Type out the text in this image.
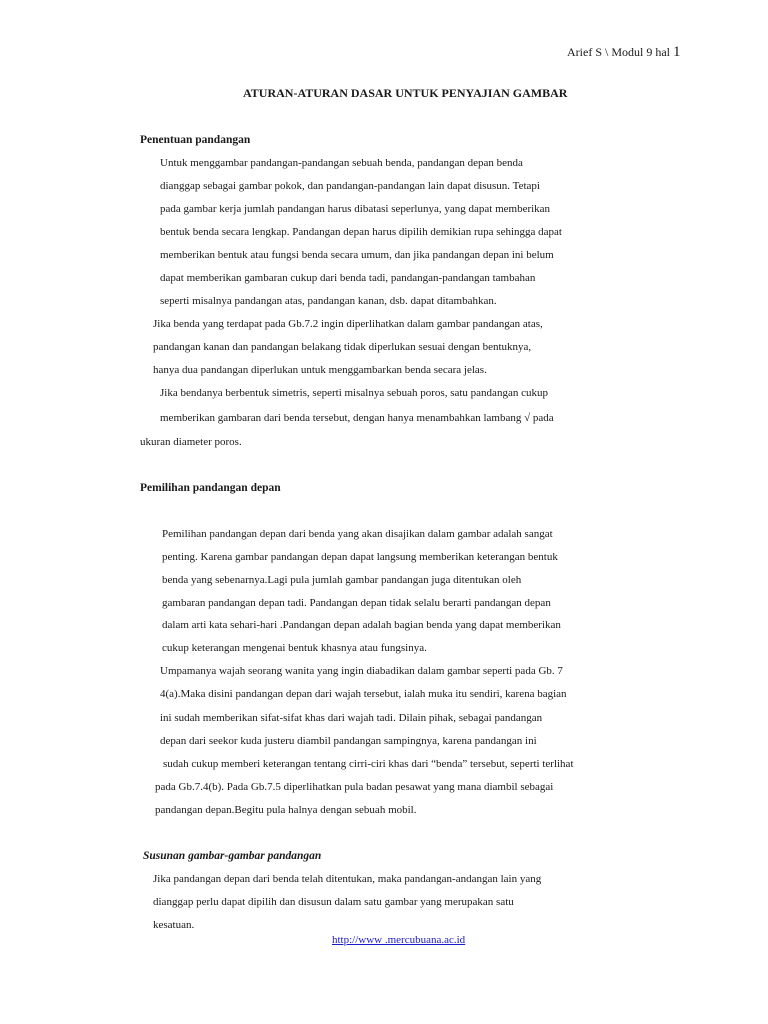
Arief S \ Modul 9 hal 1
ATURAN-ATURAN DASAR UNTUK PENYAJIAN GAMBAR
Penentuan pandangan
Untuk menggambar pandangan-pandangan sebuah benda, pandangan depan benda
dianggap sebagai gambar pokok, dan pandangan-pandangan lain dapat disusun. Tetapi
pada gambar kerja jumlah pandangan harus dibatasi seperlunya, yang dapat memberikan
bentuk benda secara lengkap. Pandangan depan harus dipilih demikian rupa sehingga dapat
memberikan bentuk atau fungsi benda secara umum, dan jika pandangan depan ini belum
dapat memberikan gambaran cukup dari benda tadi, pandangan-pandangan tambahan
seperti misalnya pandangan atas, pandangan kanan, dsb. dapat ditambahkan.
Jika benda yang terdapat pada Gb.7.2 ingin diperlihatkan dalam gambar pandangan atas,
pandangan kanan dan pandangan belakang tidak diperlukan sesuai dengan bentuknya,
hanya dua pandangan diperlukan untuk menggambarkan benda secara jelas.
Jika bendanya berbentuk simetris, seperti misalnya sebuah poros, satu pandangan cukup
memberikan gambaran dari benda tersebut, dengan hanya menambahkan lambang √ pada
ukuran diameter poros.
Pemilihan pandangan depan
Pemilihan pandangan depan dari benda yang akan disajikan dalam gambar adalah sangat
penting. Karena gambar pandangan depan dapat langsung memberikan keterangan bentuk
benda yang sebenarnya.Lagi pula jumlah gambar pandangan juga ditentukan oleh
gambaran pandangan depan tadi. Pandangan depan tidak selalu berarti pandangan depan
dalam arti kata sehari-hari .Pandangan depan adalah bagian benda yang dapat memberikan
cukup keterangan mengenai bentuk khasnya atau fungsinya.
Umpamanya wajah seorang wanita yang ingin diabadikan dalam gambar seperti pada Gb. 7
4(a).Maka disini pandangan depan dari wajah tersebut, ialah muka itu sendiri, karena bagian
ini sudah memberikan sifat-sifat khas dari wajah tadi. Dilain pihak, sebagai pandangan
depan dari seekor kuda justeru diambil pandangan sampingnya, karena pandangan ini
sudah cukup memberi keterangan tentang cirri-ciri khas dari “benda” tersebut, seperti terlihat
pada Gb.7.4(b). Pada Gb.7.5 diperlihatkan pula badan pesawat yang mana diambil sebagai
pandangan depan.Begitu pula halnya dengan sebuah mobil.
Susunan gambar-gambar pandangan
Jika pandangan depan dari benda telah ditentukan, maka pandangan-andangan lain yang
dianggap perlu dapat dipilih dan disusun dalam satu gambar yang merupakan satu
kesatuan.
http://www .mercubuana.ac.id
